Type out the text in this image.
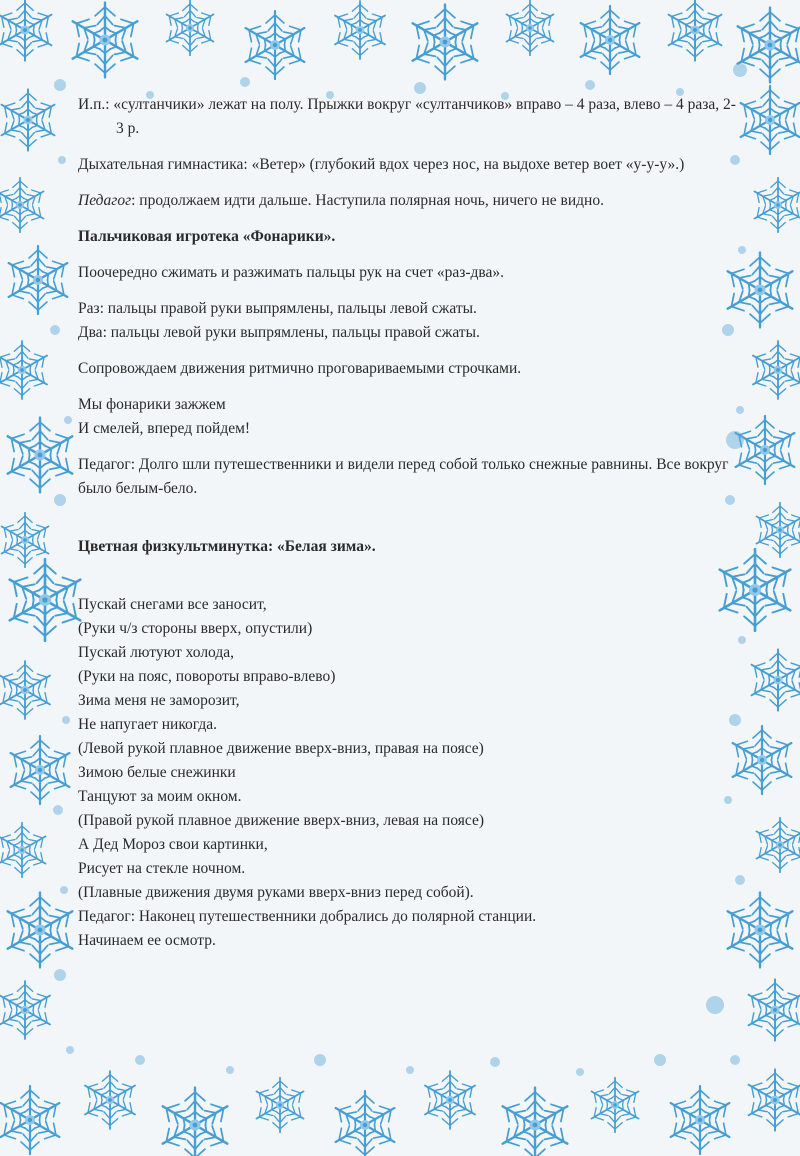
И.п.: «султанчики» лежат на полу. Прыжки вокруг «султанчиков» вправо – 4 раза, влево – 4 раза, 2-3 р.

Дыхательная гимнастика: «Ветер» (глубокий вдох через нос, на выдохе ветер воет «у-у-у».)

Педагог: продолжаем идти дальше. Наступила полярная ночь, ничего не видно.

Пальчиковая игротека «Фонарики».

Поочередно сжимать и разжимать пальцы рук на счет «раз-два».

Раз: пальцы правой руки выпрямлены, пальцы левой сжаты.
Два: пальцы левой руки выпрямлены, пальцы правой сжаты.

Сопровождаем движения ритмично проговариваемыми строчками.

Мы фонарики зажжем
И смелей, вперед пойдем!

Педагог: Долго шли путешественники и видели перед собой только снежные равнины. Все вокруг было белым-бело.

Цветная физкультминутка: «Белая зима».

Пускай снегами все заносит,
(Руки ч/з стороны вверх, опустили)
Пускай лютуют холода,
(Руки на пояс, повороты вправо-влево)
Зима меня не заморозит,
Не напугает никогда.
(Левой рукой плавное движение вверх-вниз, правая на поясе)
Зимою белые снежинки
Танцуют за моим окном.
(Правой рукой плавное движение вверх-вниз, левая на поясе)
А Дед Мороз свои картинки,
Рисует на стекле ночном.
(Плавные движения двумя руками вверх-вниз перед собой).
Педагог: Наконец путешественники добрались до полярной станции.
Начинаем ее осмотр.
